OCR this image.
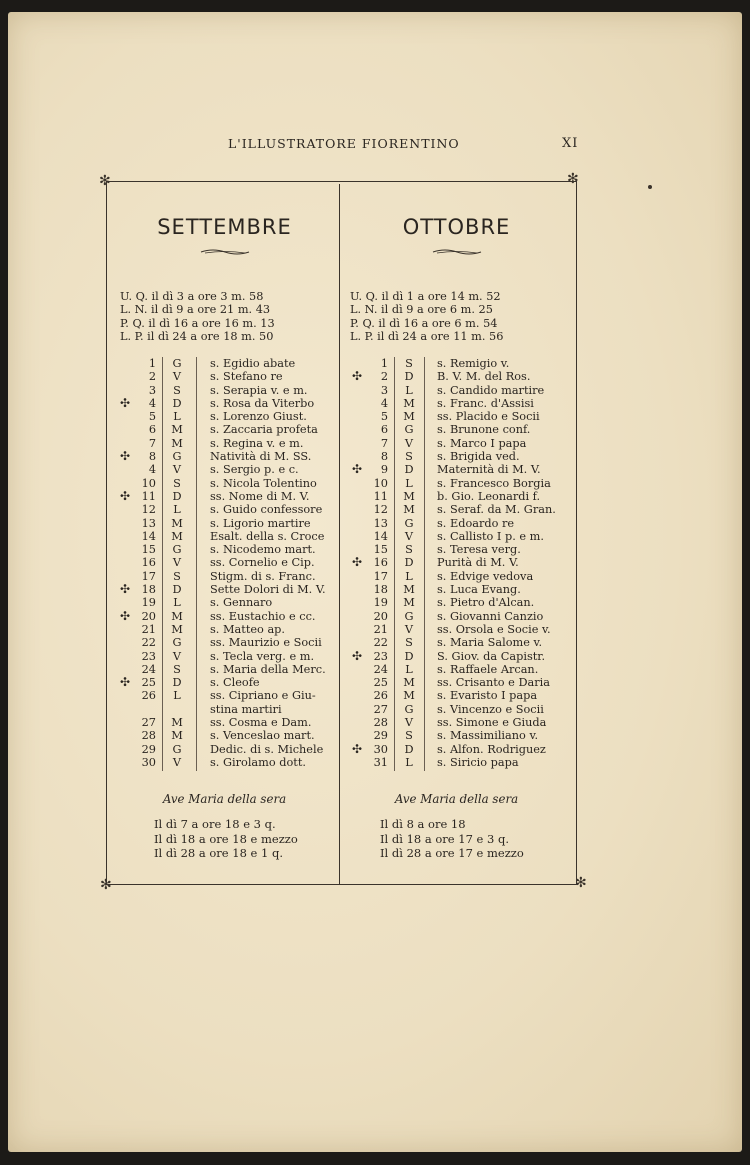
L'ILLUSTRATORE FIORENTINO	XI
✻	✻
✻	✻
SETTEMBRE
U. Q. il dì 3 a ore 3 m. 58
L. N. il dì 9 a ore 21 m. 43
P. Q. il dì 16 a ore 16 m. 13
L. P. il dì 24 a ore 18 m. 50
1	G	s. Egidio abate
2	V	s. Stefano re
3	S	s. Serapia v. e m.
✣	4	D	s. Rosa da Viterbo
5	L	s. Lorenzo Giust.
6	M	s. Zaccaria profeta
7	M	s. Regina v. e m.
✣	8	G	Natività di M. SS.
4	V	s. Sergio p. e c.
10	S	s. Nicola Tolentino
✣	11	D	ss. Nome di M. V.
12	L	s. Guido confessore
13	M	s. Ligorio martire
14	M	Esalt. della s. Croce
15	G	s. Nicodemo mart.
16	V	ss. Cornelio e Cip.
17	S	Stigm. di s. Franc.
✣	18	D	Sette Dolori di M. V.
19	L	s. Gennaro
✣	20	M	ss. Eustachio e cc.
21	M	s. Matteo ap.
22	G	ss. Maurizio e Socii
23	V	s. Tecla verg. e m.
24	S	s. Maria della Merc.
✣	25	D	s. Cleofe
26	L	ss. Cipriano e Giu-
stina martiri
27	M	ss. Cosma e Dam.
28	M	s. Venceslao mart.
29	G	Dedic. di s. Michele
30	V	s. Girolamo dott.
Ave Maria della sera
Il dì 7 a ore 18 e 3 q.
Il dì 18 a ore 18 e mezzo
Il dì 28 a ore 18 e 1 q.
OTTOBRE
U. Q. il dì 1 a ore 14 m. 52
L. N. il dì 9 a ore 6 m. 25
P. Q. il dì 16 a ore 6 m. 54
L. P. il dì 24 a ore 11 m. 56
1	S	s. Remigio v.
✣	2	D	B. V. M. del Ros.
3	L	s. Candido martire
4	M	s. Franc. d'Assisi
5	M	ss. Placido e Socii
6	G	s. Brunone conf.
7	V	s. Marco I papa
8	S	s. Brigida ved.
✣	9	D	Maternità di M. V.
10	L	s. Francesco Borgia
11	M	b. Gio. Leonardi f.
12	M	s. Seraf. da M. Gran.
13	G	s. Edoardo re
14	V	s. Callisto I p. e m.
15	S	s. Teresa verg.
✣	16	D	Purità di M. V.
17	L	s. Edvige vedova
18	M	s. Luca Evang.
19	M	s. Pietro d'Alcan.
20	G	s. Giovanni Canzio
21	V	ss. Orsola e Socie v.
22	S	s. Maria Salome v.
✣	23	D	S. Giov. da Capistr.
24	L	s. Raffaele Arcan.
25	M	ss. Crisanto e Daria
26	M	s. Evaristo I papa
27	G	s. Vincenzo e Socii
28	V	ss. Simone e Giuda
29	S	s. Massimiliano v.
✣	30	D	s. Alfon. Rodriguez
31	L	s. Siricio papa
Ave Maria della sera
Il dì 8 a ore 18
Il dì 18 a ore 17 e 3 q.
Il dì 28 a ore 17 e mezzo
